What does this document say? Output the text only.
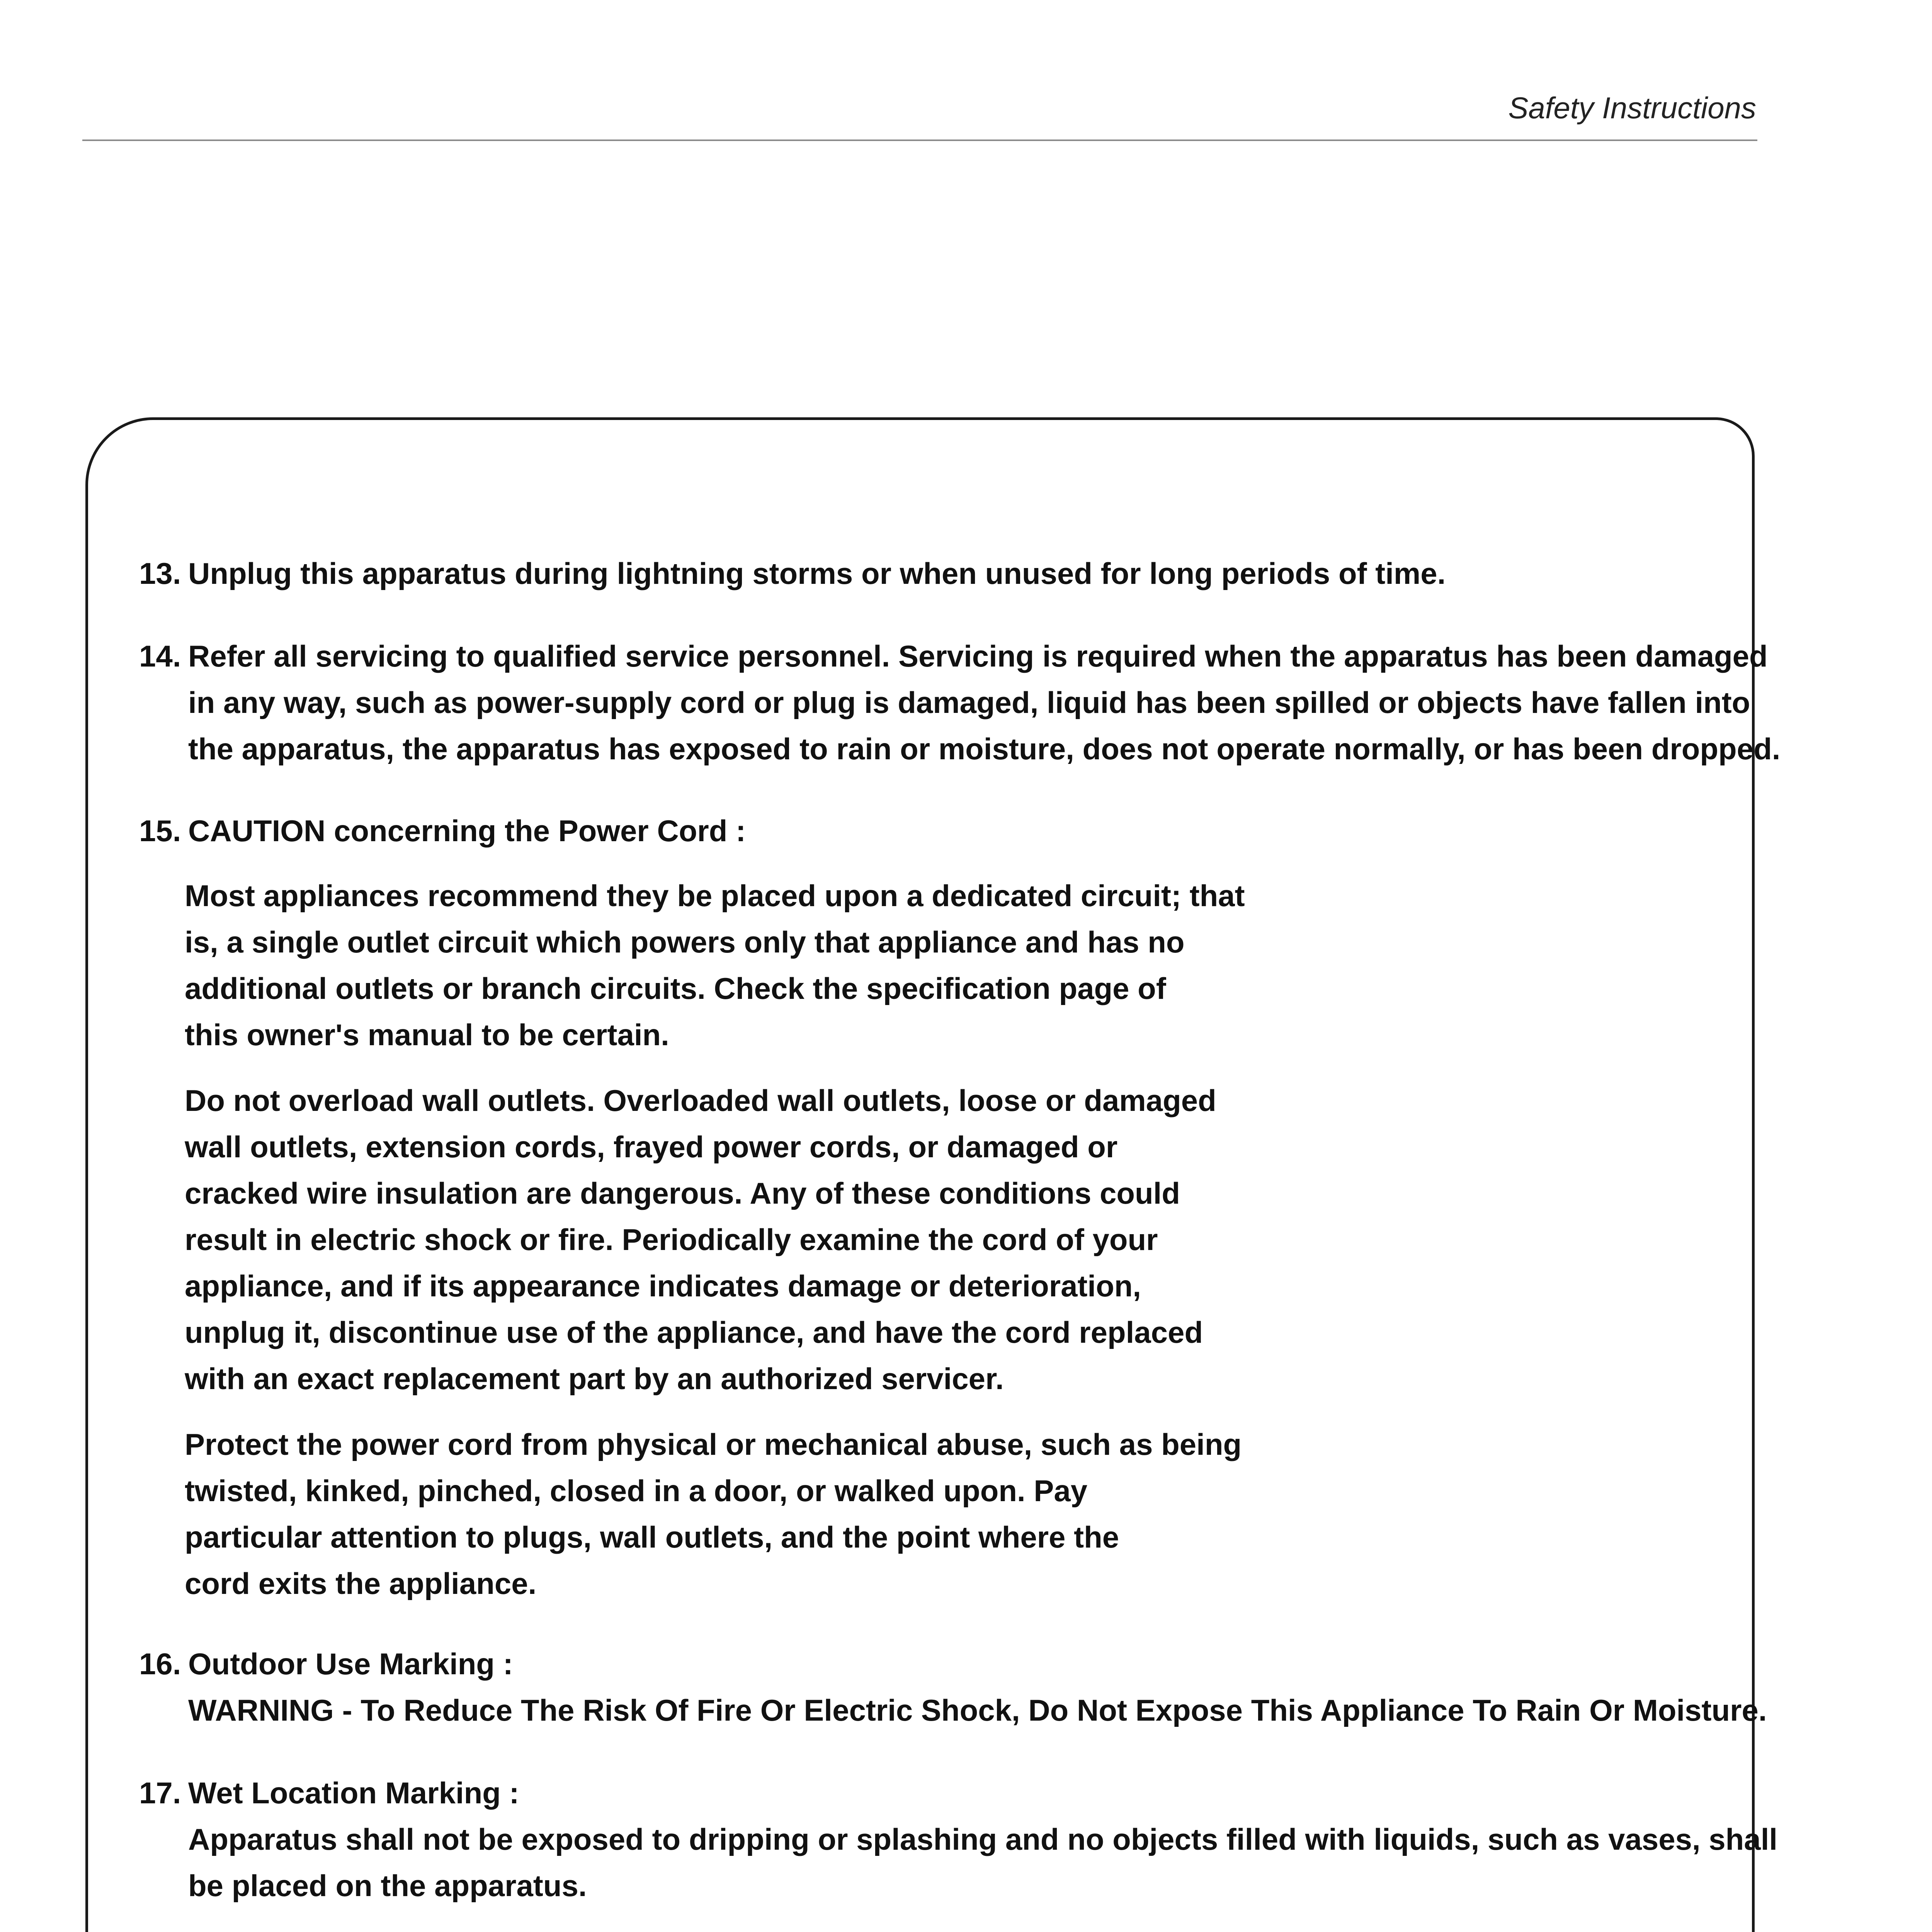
Safety Instructions
13. Unplug this apparatus during lightning storms or when unused for long periods of time.
14. Refer all servicing to qualified service personnel. Servicing is required when the apparatus has been damaged
in any way, such as power-supply cord or plug is damaged, liquid has been spilled or objects have fallen into
the apparatus, the apparatus has exposed to rain or moisture, does not operate normally, or has been dropped.
15. CAUTION concerning the Power Cord :
Most appliances recommend they be placed upon a dedicated circuit; that
is, a single outlet circuit which powers only that appliance and has no
additional outlets or branch circuits. Check the specification page of
this owner's manual to be certain.
Do not overload wall outlets. Overloaded wall outlets, loose or damaged
wall outlets, extension cords, frayed power cords, or damaged or
cracked wire insulation are dangerous. Any of these conditions could
result in electric shock or fire. Periodically examine the cord of your
appliance, and if its appearance indicates damage or deterioration,
unplug it, discontinue use of the appliance, and have the cord replaced
with an exact replacement part by an authorized servicer.
Protect the power cord from physical or mechanical abuse, such as being
twisted, kinked, pinched, closed in a door, or walked upon. Pay
particular attention to plugs, wall outlets, and the point where the
cord exits the appliance.
16. Outdoor Use Marking :
WARNING - To Reduce The Risk Of Fire Or Electric Shock, Do Not Expose This Appliance To Rain Or Moisture.
17. Wet Location Marking :
Apparatus shall not be exposed to dripping or splashing and no objects filled with liquids, such as vases, shall
be placed on the apparatus.
